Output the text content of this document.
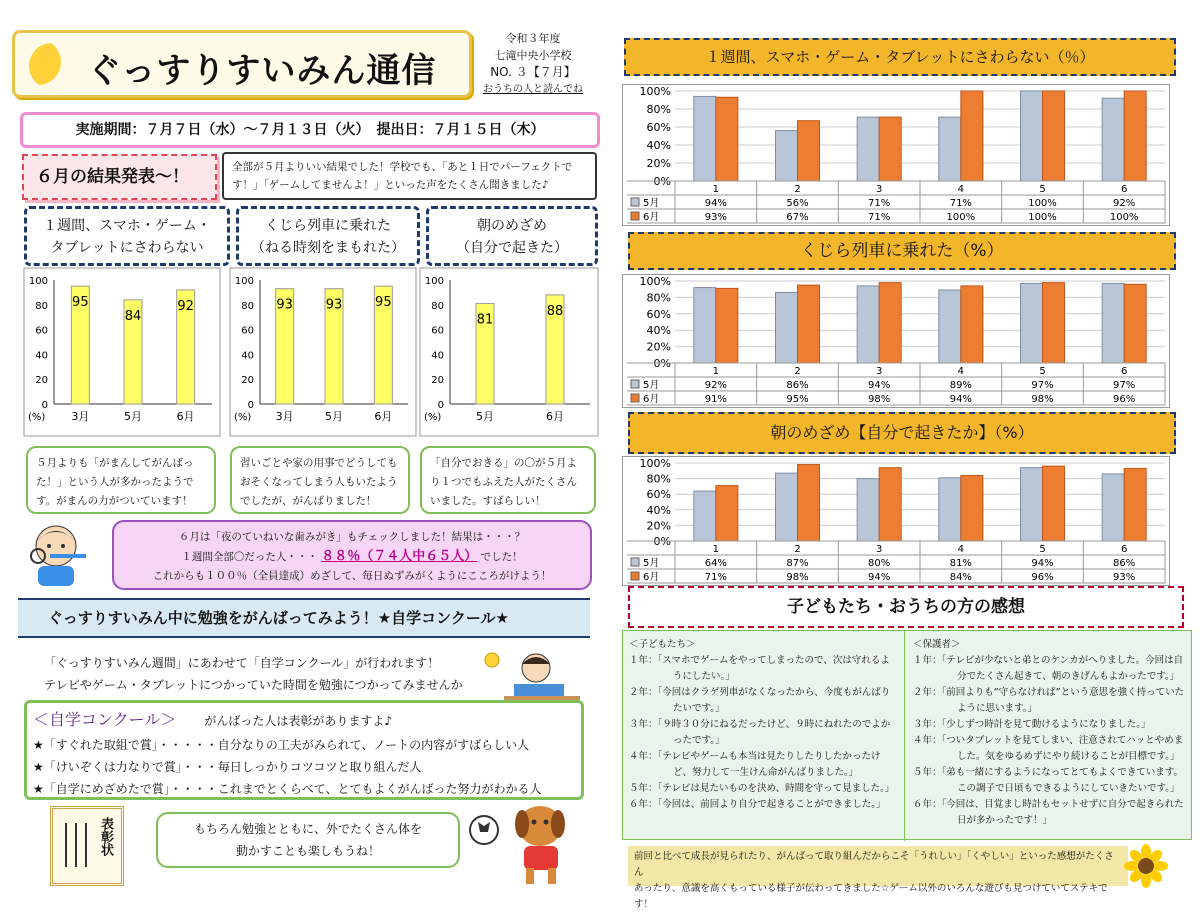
ぐっすりすいみん通信
令和３年度
七滝中央小学校
NO. ３【７月】
おうちの人と読んでね
実施期間：７月７日（水）～７月１３日（火）　提出日：７月１５日（木）
６月の結果発表～！	全部が５月よりいい結果でした！学校でも、「あと１日でパーフェクトです！」「ゲームしてませんよ！」といった声をたくさん聞きました♪
１週間、スマホ・ゲーム・
タブレットにさわらない
くじら列車に乗れた
（ねる時刻をまもれた）
朝のめざめ
（自分で起きた）
0
20
40
60
80
100
95
3月
84
5月
92
6月
(%)
0
20
40
60
80
100
93
3月
93
5月
95
6月
(%)
0
20
40
60
80
100
81
5月
88
6月
(%)
５月よりも「がまんしてがんばった！」という人が多かったようです。がまんの力がついています！
習いごとや家の用事でどうしてもおそくなってしまう人もいたようでしたが、がんばりました！
「自分でおきる」の〇が５月より１つでもふえた人がたくさんいました。すばらしい！
６月は「夜のていねいな歯みがき」もチェックしました！結果は・・・？
１週間全部〇だった人・・・ ８８％（７４人中６５人） でした！
これからも１００％（全員達成）めざして、毎日ぬずみがくようにこころがけよう！
ぐっすりすいみん中に勉強をがんばってみよう！★自学コンクール★
「ぐっすりすいみん週間」にあわせて「自学コンクール」が行われます！
テレビやゲーム・タブレットにつかっていた時間を勉強につかってみませんか
＜自学コンクール＞ がんばった人は表彰がありますよ♪
★「すぐれた取組で賞」・・・・・自分なりの工夫がみられて、ノートの内容がすばらしい人
★「けいぞくは力なりで賞」・・・毎日しっかりコツコツと取り組んだ人
★「自学にめざめたで賞」・・・・これまでとくらべて、とてもよくがんばった努力がわかる人
表彰状	もちろん勉強とともに、外でたくさん体を
動かすことも楽しもうね！
１週間、スマホ・ゲーム・タブレットにさわらない（％）
0%
20%
40%
60%
80%
100%
1
94%
93%
2
56%
67%
3
71%
71%
4
71%
100%
5
100%
100%
6
92%
100%
5月
6月
くじら列車に乗れた（%）
0%
20%
40%
60%
80%
100%
1
92%
91%
2
86%
95%
3
94%
98%
4
89%
94%
5
97%
98%
6
97%
96%
5月
6月
朝のめざめ【自分で起きたか】（%）
0%
20%
40%
60%
80%
100%
1
64%
71%
2
87%
98%
3
80%
94%
4
81%
84%
5
94%
96%
6
86%
93%
5月
6月
子どもたち・おうちの方の感想
＜子どもたち＞
１年：「スマホでゲームをやってしまったので、次は守れるようにしたい。」
２年：「今回はクラゲ列車がなくなったから、今度もがんばりたいです。」
３年：「９時３０分にねるだったけど、９時にねれたのでよかったです。」
４年：「テレビやゲームも本当は見たりしたりしたかったけど、努力して一生けん命がんばりました。」
５年：「テレビは見たいものを決め、時間を守って見ました。」
６年：「今回は、前回より自分で起きることができました。」
＜保護者＞
１年：「テレビが少ないと弟とのケンカがへりました。今回は自分でたくさん起きて、朝のきげんもよかったです。」
２年：「前回よりも“守らなければ”という意思を強く持っていたように思います。」
３年：「少しずつ時計を見て動けるようになりました。」
４年：「ついタブレットを見てしまい、注意されてハッとやめました。気をゆるめずにやり続けることが目標です。」
５年：「弟も一緒にするようになってとてもよくできています。この調子で日頃もできるようにしていきたいです。」
６年：「今回は、目覚まし時計もセットせずに自分で起きられた日が多かったです！」
前回と比べて成長が見られたり、がんばって取り組んだからこそ「うれしい」「くやしい」といった感想がたくさん
あったり、意識を高くもっている様子が伝わってきました☆ゲーム以外のいろんな遊びも見つけていてステキです！
